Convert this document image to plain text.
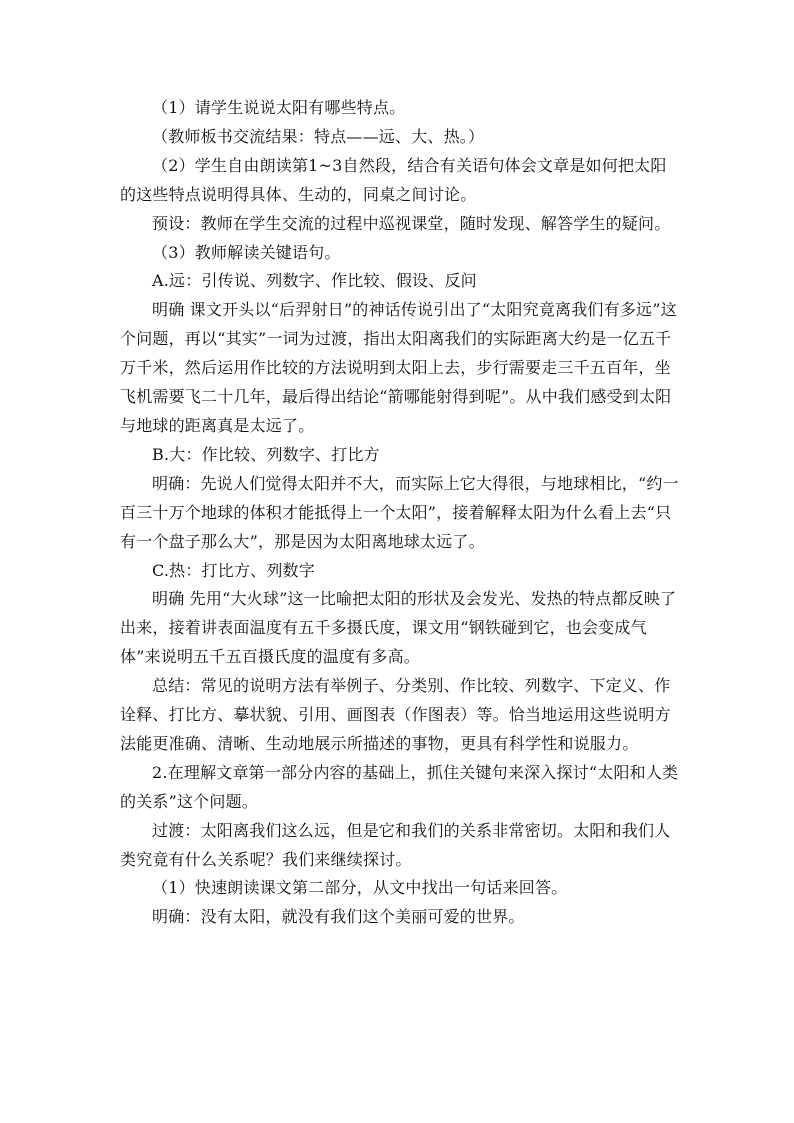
（1）请学生说说太阳有哪些特点。

（教师板书交流结果：特点——远、大、热。）

（2）学生自由朗读第1~3自然段，结合有关语句体会文章是如何把太阳的这些特点说明得具体、生动的，同桌之间讨论。

预设：教师在学生交流的过程中巡视课堂，随时发现、解答学生的疑问。

（3）教师解读关键语句。

A.远：引传说、列数字、作比较、假设、反问

明确 课文开头以“后羿射日”的神话传说引出了“太阳究竟离我们有多远”这个问题，再以“其实”一词为过渡，指出太阳离我们的实际距离大约是一亿五千万千米，然后运用作比较的方法说明到太阳上去，步行需要走三千五百年，坐飞机需要飞二十几年，最后得出结论“箭哪能射得到呢”。从中我们感受到太阳与地球的距离真是太远了。

B.大：作比较、列数字、打比方

明确：先说人们觉得太阳并不大，而实际上它大得很，与地球相比，“约一百三十万个地球的体积才能抵得上一个太阳”，接着解释太阳为什么看上去“只有一个盘子那么大”，那是因为太阳离地球太远了。

C.热：打比方、列数字

明确 先用“大火球”这一比喻把太阳的形状及会发光、发热的特点都反映了出来，接着讲表面温度有五千多摄氏度，课文用“钢铁碰到它，也会变成气体”来说明五千五百摄氏度的温度有多高。

总结：常见的说明方法有举例子、分类别、作比较、列数字、下定义、作诠释、打比方、摹状貌、引用、画图表（作图表）等。恰当地运用这些说明方法能更准确、清晰、生动地展示所描述的事物，更具有科学性和说服力。

2.在理解文章第一部分内容的基础上，抓住关键句来深入探讨“太阳和人类的关系”这个问题。

过渡：太阳离我们这么远，但是它和我们的关系非常密切。太阳和我们人类究竟有什么关系呢？我们来继续探讨。

（1）快速朗读课文第二部分，从文中找出一句话来回答。

明确：没有太阳，就没有我们这个美丽可爱的世界。
